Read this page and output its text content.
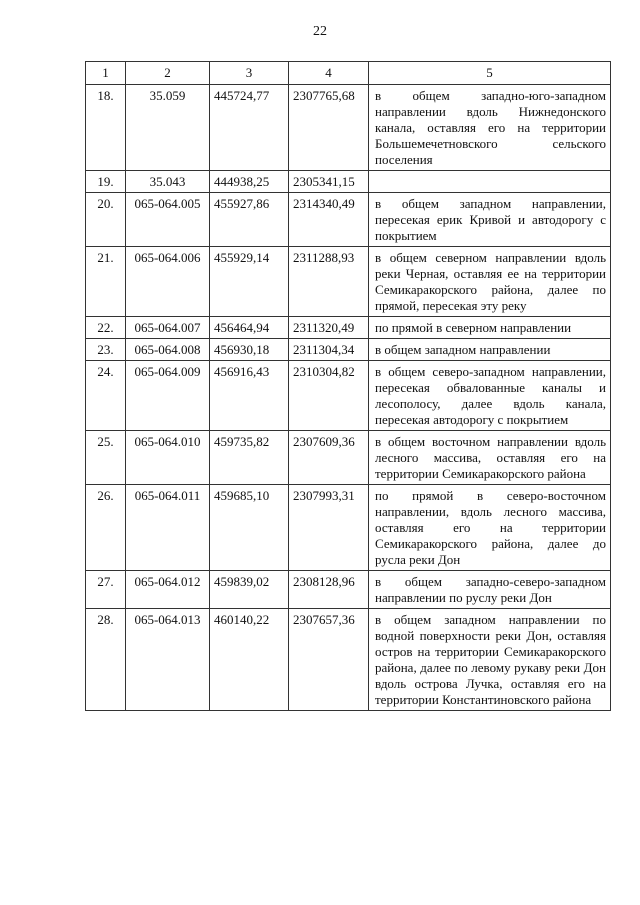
22
1	2	3	4	5
18.	35.059	445724,77	2307765,68	в общем западно-юго-западном направлении вдоль Нижнедонского канала, оставляя его на территории Большемечетновского сельского поселения
19.	35.043	444938,25	2305341,15	
20.	065-064.005	455927,86	2314340,49	в общем западном направлении, пересекая ерик Кривой и автодорогу с покрытием
21.	065-064.006	455929,14	2311288,93	в общем северном направлении вдоль реки Черная, оставляя ее на территории Семикаракорского района, далее по прямой, пересекая эту реку
22.	065-064.007	456464,94	2311320,49	по прямой в северном направлении
23.	065-064.008	456930,18	2311304,34	в общем западном направлении
24.	065-064.009	456916,43	2310304,82	в общем северо-западном направлении, пересекая обвалованные каналы и лесополосу, далее вдоль канала, пересекая автодорогу с покрытием
25.	065-064.010	459735,82	2307609,36	в общем восточном направлении вдоль лесного массива, оставляя его на территории Семикаракорского района
26.	065-064.011	459685,10	2307993,31	по прямой в северо-восточном направлении, вдоль лесного массива, оставляя его на территории Семикаракорского района, далее до русла реки Дон
27.	065-064.012	459839,02	2308128,96	в общем западно-северо-западном направлении по руслу реки Дон
28.	065-064.013	460140,22	2307657,36	в общем западном направлении по водной поверхности реки Дон, оставляя остров на территории Семикаракорского района, далее по левому рукаву реки Дон вдоль острова Лучка, оставляя его на территории Константиновского района
